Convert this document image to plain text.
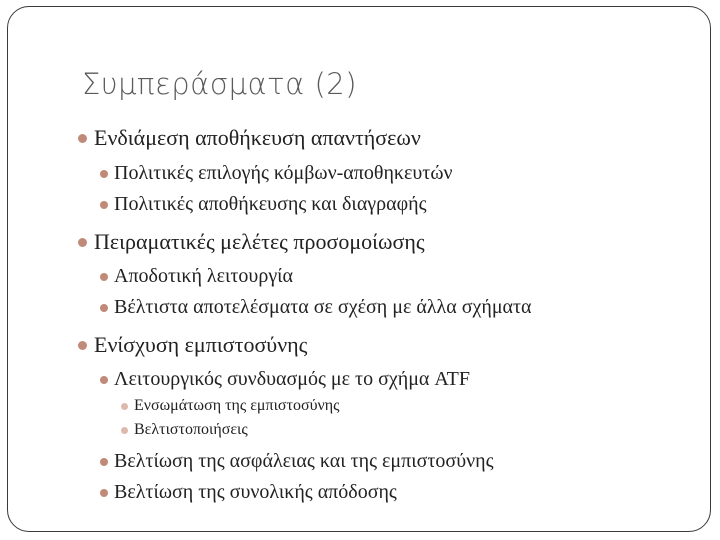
Συμπεράσματα (2)
Ενδιάμεση αποθήκευση απαντήσεων
Πολιτικές επιλογής κόμβων-αποθηκευτών
Πολιτικές αποθήκευσης και διαγραφής
Πειραματικές μελέτες προσομοίωσης
Αποδοτική λειτουργία
Βέλτιστα αποτελέσματα σε σχέση με άλλα σχήματα
Ενίσχυση εμπιστοσύνης
Λειτουργικός συνδυασμός με το σχήμα ATF
Ενσωμάτωση της εμπιστοσύνης
Βελτιστοποιήσεις
Βελτίωση της ασφάλειας και της εμπιστοσύνης
Βελτίωση της συνολικής απόδοσης
